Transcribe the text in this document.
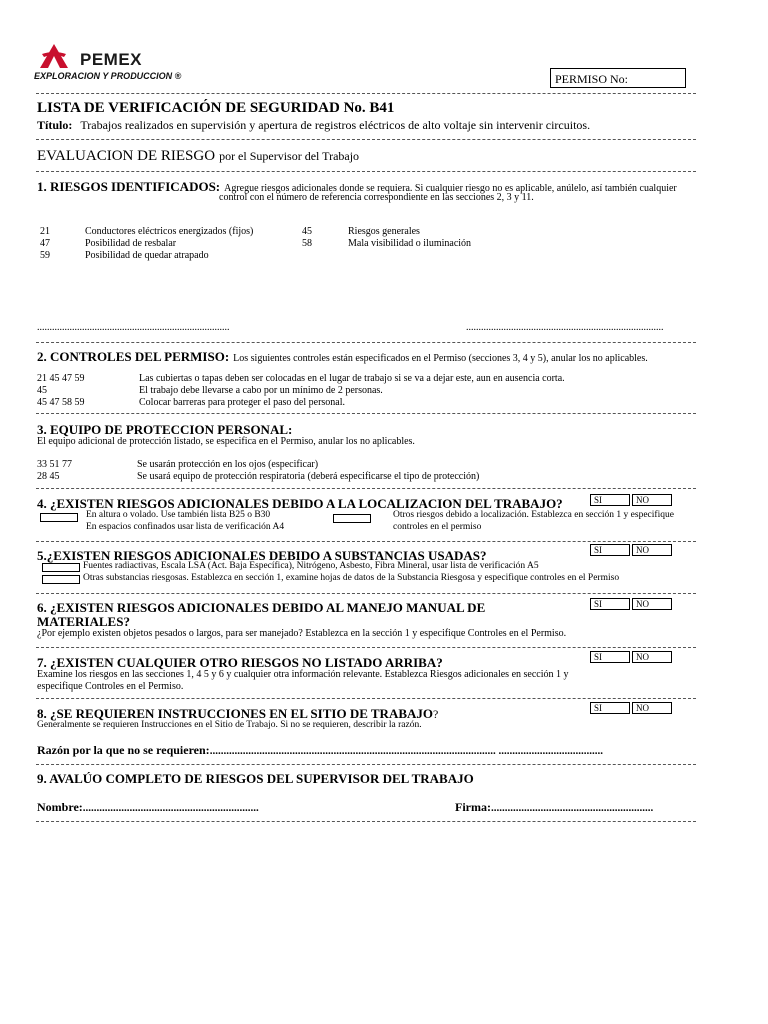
PEMEX
EXPLORACION Y PRODUCCION ®	PERMISO No:
LISTA DE VERIFICACIÓN DE SEGURIDAD No. B41
Título: Trabajos realizados en supervisión y apertura de registros eléctricos de alto voltaje sin intervenir circuitos.
EVALUACION DE RIESGO por el Supervisor del Trabajo
1. RIESGOS IDENTIFICADOS: Agregue riesgos adicionales donde se requiera. Si cualquier riesgo no es aplicable, anúlelo, así también cualquier
control con el número de referencia correspondiente en las secciones 2, 3 y 11.
21	Conductores eléctricos energizados (fijos)
47	Posibilidad de resbalar
59	Posibilidad de quedar atrapado
45	Riesgos generales
58	Mala visibilidad o iluminación
.............................................................................	...............................................................................
2. CONTROLES DEL PERMISO: Los siguientes controles están especificados en el Permiso (secciones 3, 4 y 5), anular los no aplicables.
21 45 47 59	Las cubiertas o tapas deben ser colocadas en el lugar de trabajo si se va a dejar este, aun en ausencia corta.
45	El trabajo debe llevarse a cabo por un mínimo de 2 personas.
45 47 58 59	Colocar barreras para proteger el paso del personal.
3. EQUIPO DE PROTECCION PERSONAL:
El equipo adicional de protección listado, se especifica en el Permiso, anular los no aplicables.
33 51 77	Se usarán protección en los ojos (especificar)
28 45	Se usará equipo de protección respiratoria (deberá especificarse el tipo de protección)
4. ¿EXISTEN RIESGOS ADICIONALES DEBIDO A LA LOCALIZACION DEL TRABAJO?	SI	NO
En altura o volado. Use también lista B25 o B30
En espacios confinados usar lista de verificación A4
Otros riesgos debido a localización. Establezca en sección 1 y especifique
controles en el permiso
5.¿EXISTEN RIESGOS ADICIONALES DEBIDO A SUBSTANCIAS USADAS?	SI	NO
Fuentes radiactivas, Escala LSA (Act. Baja Específica), Nitrógeno, Asbesto, Fibra Mineral, usar lista de verificación A5
Otras substancias riesgosas. Establezca en sección 1, examine hojas de datos de la Substancia Riesgosa y especifique controles en el Permiso
6. ¿EXISTEN RIESGOS ADICIONALES DEBIDO AL MANEJO MANUAL DE
MATERIALES?
SI	NO
¿Por ejemplo existen objetos pesados o largos, para ser manejado? Establezca en la sección 1 y especifique Controles en el Permiso.
7. ¿EXISTEN CUALQUIER OTRO RIESGOS NO LISTADO ARRIBA?	SI	NO
Examine los riesgos en las secciones 1, 4 5 y 6 y cualquier otra información relevante. Establezca Riesgos adicionales en sección 1 y
especifique Controles en el Permiso.
8. ¿SE REQUIEREN INSTRUCCIONES EN EL SITIO DE TRABAJO?	SI	NO
Generalmente se requieren Instrucciones en el Sitio de Trabajo. Si no se requieren, describir la razón.
Razón por la que no se requieren:........................................................................................................ ......................................
9. AVALÚO COMPLETO DE RIESGOS DEL SUPERVISOR DEL TRABAJO
Nombre:................................................................	Firma:...........................................................
